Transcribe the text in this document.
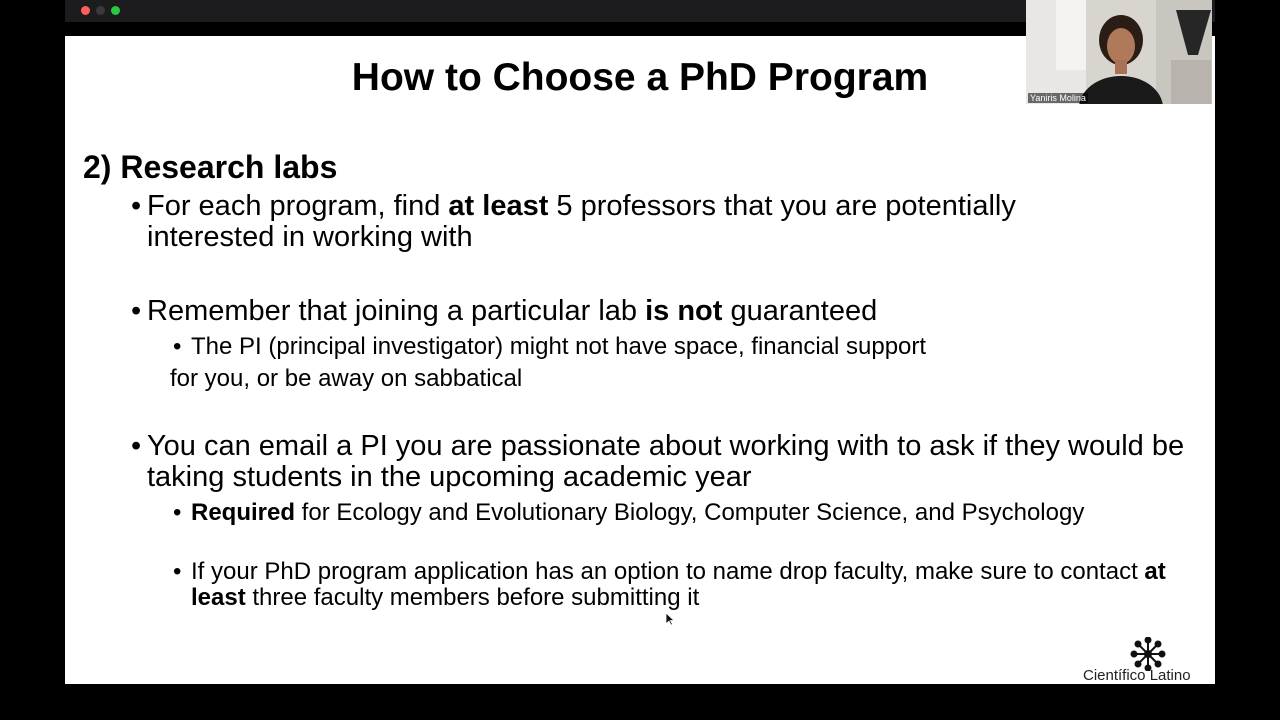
How to Choose a PhD Program
2) Research labs
• For each program, find at least 5 professors that you are potentially interested in working with
• Remember that joining a particular lab is not guaranteed
• The PI (principal investigator) might not have space, financial support
for you, or be away on sabbatical
• You can email a PI you are passionate about working with to ask if they would be taking students in the upcoming academic year
• Required for Ecology and Evolutionary Biology, Computer Science, and Psychology
• If your PhD program application has an option to name drop faculty, make sure to contact at least three faculty members before submitting it
Científico Latino
Yaniris Molina
